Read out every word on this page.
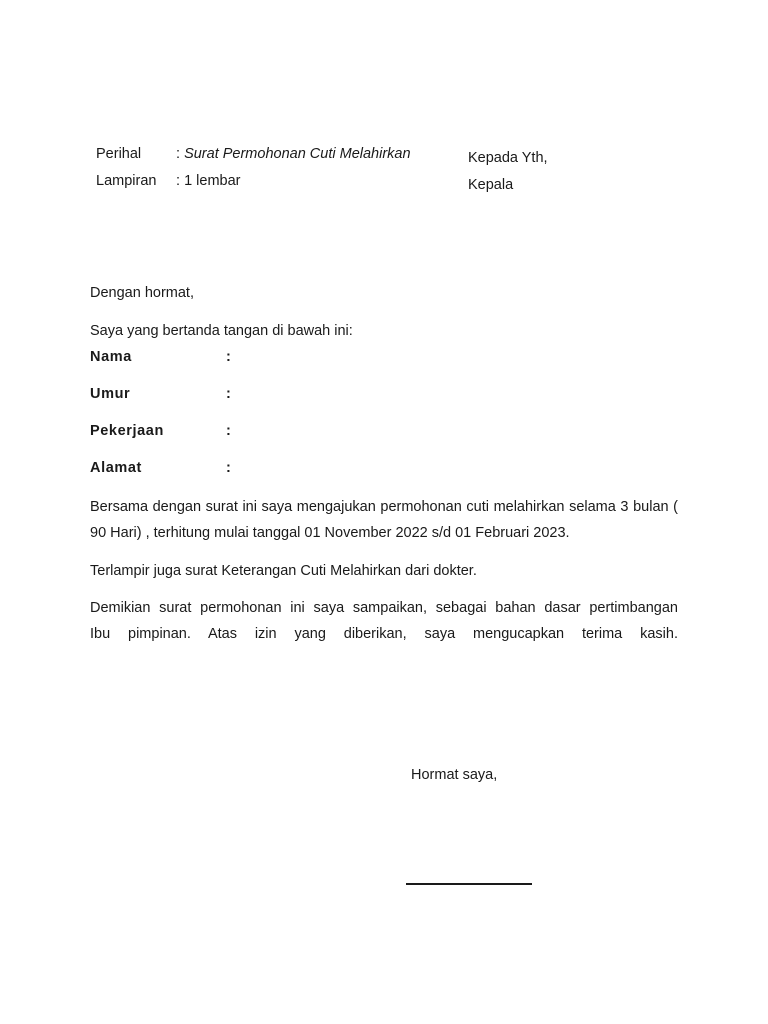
Perihal : Surat Permohonan Cuti Melahirkan
Lampiran : 1 lembar
Kepada Yth,
Kepala
Dengan hormat,
Saya yang bertanda tangan di bawah ini:
Nama	:
Umur	:
Pekerjaan	:
Alamat	:
Bersama dengan surat ini saya mengajukan permohonan cuti melahirkan selama 3 bulan ( 90 Hari) , terhitung mulai tanggal 01 November 2022 s/d 01 Februari 2023.
Terlampir juga surat Keterangan Cuti Melahirkan dari dokter.
Demikian surat permohonan ini saya sampaikan, sebagai bahan dasar pertimbangan
Ibu pimpinan. Atas izin yang diberikan, saya mengucapkan terima kasih.
Hormat saya,
